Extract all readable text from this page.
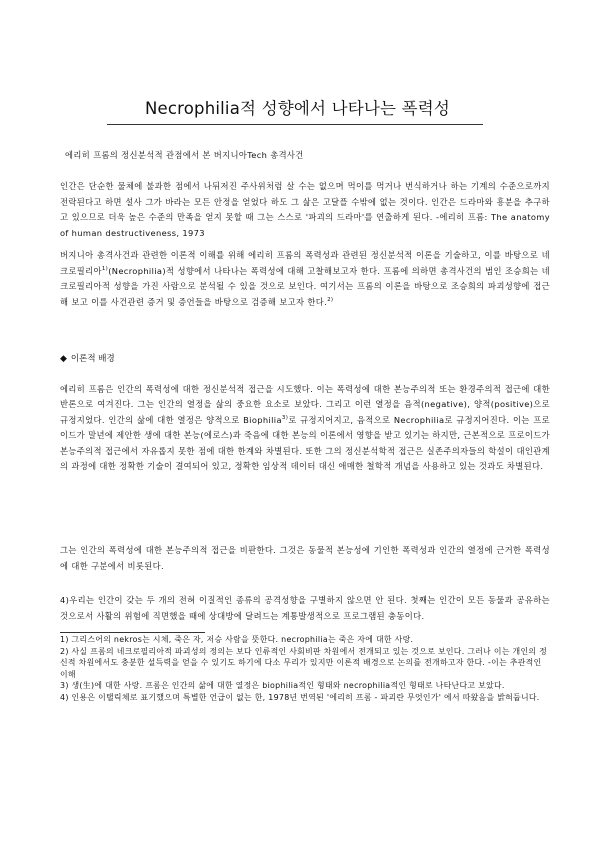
Necrophilia적 성향에서 나타나는 폭력성
에리히 프롬의 정신분석적 관점에서 본 버지니아Tech 총격사건

인간은 단순한 물체에 불과한 점에서 나뒤저진 주사위처럼 살 수는 없으며 먹이를 먹거나 번식하거나 하는 기계의 수준으로까지 전락된다고 하면 설사 그가 바라는 모든 안정을 얻었다 하도 그 삶은 고달플 수밖에 없는 것이다. 인간은 드라마와 흥분을 추구하고 있으므로 더욱 높은 수준의 만족을 얻지 못할 때 그는 스스로 '파괴의 드라마'를 연출하게 된다. -에리히 프롬: The anatomy of human destructiveness, 1973

버지니아 총격사건과 관련한 이론적 이해를 위해 에리히 프롬의 폭력성과 관련된 정신분석적 이론을 기술하고, 이를 바탕으로 네크로필리아$^{1)}$(Necrophilia)적 성향에서 나타나는 폭력성에 대해 고찰해보고자 한다. 프롬에 의하면 총격사건의 범인 조승희는 네크로필리아적 성향을 가진 사람으로 분석될 수 있을 것으로 보인다. 여기서는 프롬의 이론을 바탕으로 조승희의 파괴성향에 접근해 보고 이를 사건관련 증거 및 증언들을 바탕으로 검증해 보고자 한다.$^{2)}$

◆ 이론적 배경

에리히 프롬은 인간의 폭력성에 대한 정신분석적 접근을 시도했다. 이는 폭력성에 대한 본능주의적 또는 환경주의적 접근에 대한 반론으로 여겨진다. 그는 인간의 열정을 삶의 중요한 요소로 보았다. 그리고 이런 열정을 음적(negative), 양적(positive)으로 규정지었다. 인간의 삶에 대한 열정은 양적으로 Biophilia$^{3)}$로 규정지어지고, 음적으로 Necrophilia로 규정지어진다. 이는 프로이드가 말년에 제안한 생에 대한 본능(에로스)과 죽음에 대한 본능의 이론에서 영향을 받고 있기는 하지만, 근본적으로 프로이드가 본능주의적 접근에서 자유롭지 못한 점에 대한 한계와 차별된다. 또한 그의 정신분석학적 접근은 실존주의자들의 학설이 대인관계의 과정에 대한 정확한 기술이 결여되어 있고, 정확한 임상적 데이터 대신 애매한 철학적 개념을 사용하고 있는 것과도 차별된다.

그는 인간의 폭력성에 대한 본능주의적 접근을 비판한다. 그것은 동물적 본능성에 기인한 폭력성과 인간의 열정에 근거한 폭력성에 대한 구분에서 비롯된다.

4)우리는 인간이 갖는 두 개의 전혀 이질적인 종류의 공격성향을 구별하지 않으면 안 된다. 첫째는 인간이 모든 동물과 공유하는 것으로서 사활의 위험에 직면했을 때에 상대방에 달려드는 계통발생적으로 프로그램된 충동이다.

1) 그리스어의 nekros는 시체, 죽은 자, 저승 사람을 뜻한다. necrophilia는 죽은 자에 대한 사랑.

2) 사실 프롬의 네크로필리아적 파괴성의 정의는 보다 인류적인 사회비판 차원에서 전개되고 있는 것으로 보인다. 그러나 이는 개인의 정신적 차원에서도 충분한 설득력을 얻을 수 있기도 하기에 다소 무리가 있지만 이론적 배경으로 논의를 전개하고자 한다. -이는 추관적인 이해

3) 생(生)에 대한 사랑. 프롬은 인간의 삶에 대한 열정은 biophilia적인 형태와 necrophilia적인 형태로 나타난다고 보았다.

4) 인용은 이탤릭체로 표기했으며 특별한 언급이 없는 한, 1978년 번역된 '에리히 프롬 - 파괴란 무엇인가' 에서 따왔음을 밝혀둡니다.
